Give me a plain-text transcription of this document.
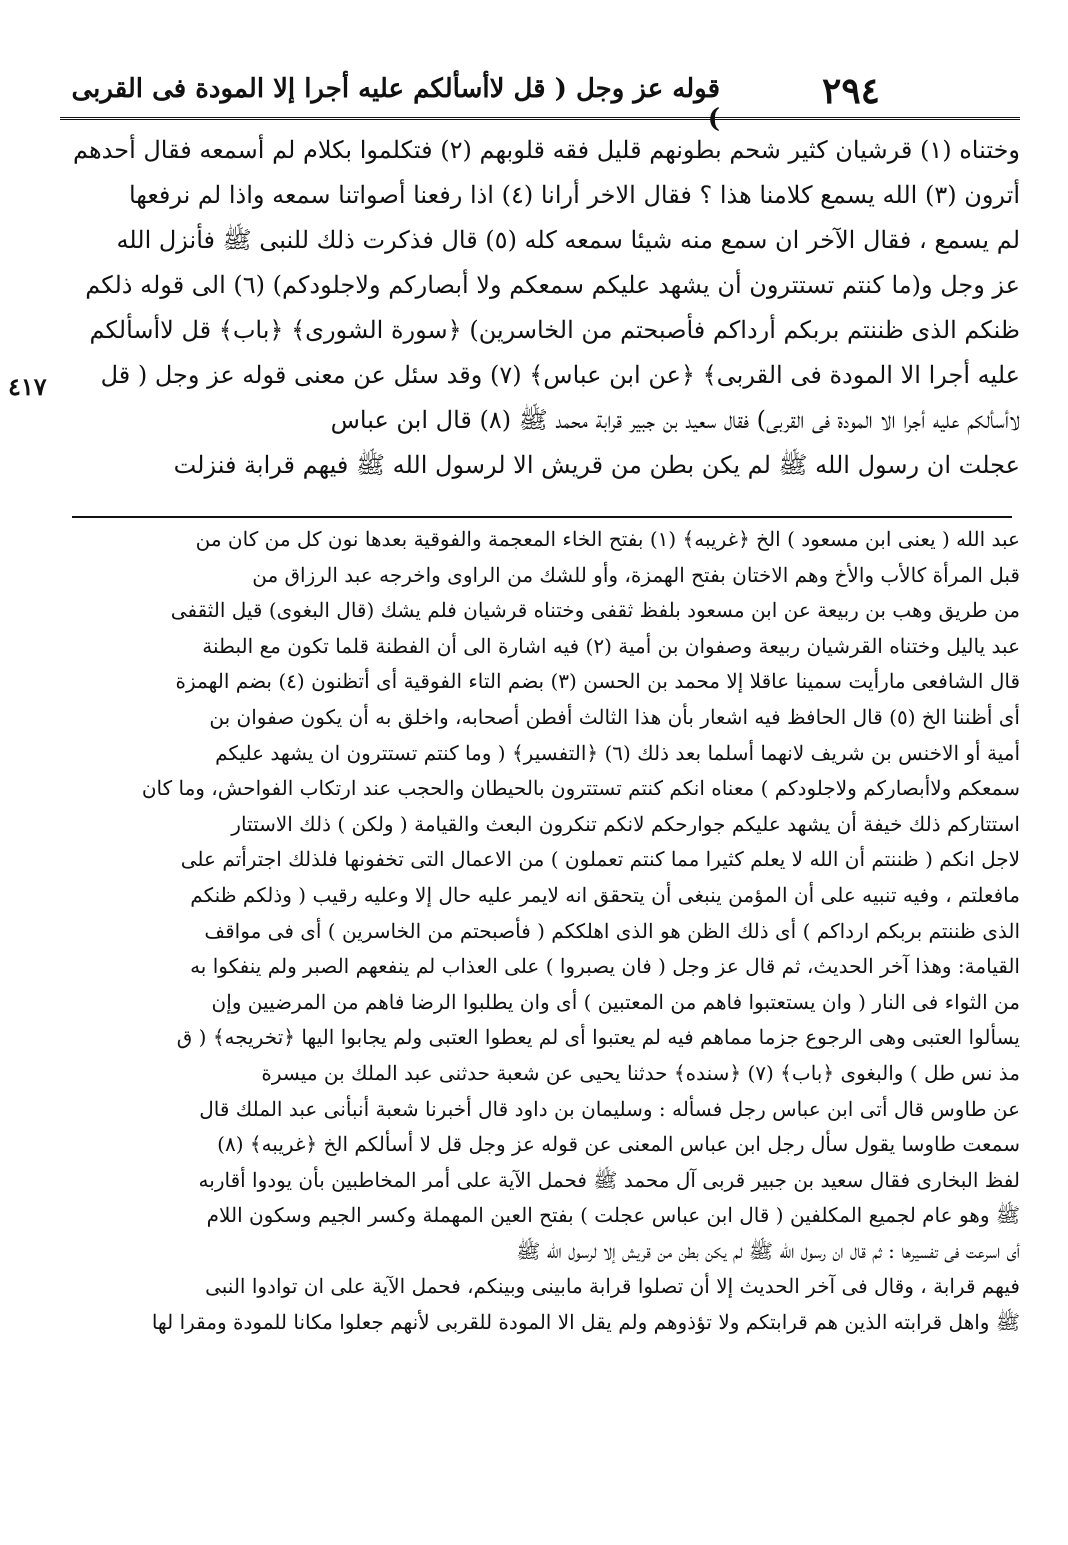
٢٩٤
قوله عز وجل ( قل لاأسألكم عليه أجرا إلا المودة فى القربى )
٤١٧

وختناه (١) قرشيان كثير شحم بطونهم قليل فقه قلوبهم (٢) فتكلموا بكلام لم أسمعه فقال أحدهم

أترون (٣) الله يسمع كلامنا هذا ؟ فقال الاخر أرانا (٤) اذا رفعنا أصواتنا سمعه واذا لم نرفعها

لم يسمع ، فقال الآخر ان سمع منه شيئا سمعه كله (٥) قال فذكرت ذلك للنبى ﷺ فأنزل الله

عز وجل و(ما كنتم تستترون أن يشهد عليكم سمعكم ولا أبصاركم ولاجلودكم) (٦) الى قوله ذلكم

ظنكم الذى ظننتم بربكم أرداكم فأصبحتم من الخاسرين) ﴿سورة الشورى﴾ ﴿باب﴾ قل لاأسألكم

عليه أجرا الا المودة فى القربى﴾ ﴿عن ابن عباس﴾ (٧) وقد سئل عن معنى قوله عز وجل ( قل

لاأسألكم عليه أجرا الا المودة فى القربى) فقال سعيد بن جبير قرابة محمد ﷺ (٨) قال ابن عباس

عجلت ان رسول الله ﷺ لم يكن بطن من قريش الا لرسول الله ﷺ فيهم قرابة فنزلت

عبد الله ( يعنى ابن مسعود ) الخ ﴿غريبه﴾ (١) بفتح الخاء المعجمة والفوقية بعدها نون كل من كان من

قبل المرأة كالأب والأخ وهم الاختان بفتح الهمزة، وأو للشك من الراوى واخرجه عبد الرزاق من

من طريق وهب بن ربيعة عن ابن مسعود بلفظ ثقفى وختناه قرشيان فلم يشك (قال البغوى) قيل الثقفى

عبد ياليل وختناه القرشيان ربيعة وصفوان بن أمية (٢) فيه اشارة الى أن الفطنة قلما تكون مع البطنة

قال الشافعى مارأيت سمينا عاقلا إلا محمد بن الحسن (٣) بضم التاء الفوقية أى أتظنون (٤) بضم الهمزة

أى أظننا الخ (٥) قال الحافظ فيه اشعار بأن هذا الثالث أفطن أصحابه، واخلق به أن يكون صفوان بن

أمية أو الاخنس بن شريف لانهما أسلما بعد ذلك (٦) ﴿التفسير﴾ ( وما كنتم تستترون ان يشهد عليكم

سمعكم ولاأبصاركم ولاجلودكم ) معناه انكم كنتم تستترون بالحيطان والحجب عند ارتكاب الفواحش، وما كان

استتاركم ذلك خيفة أن يشهد عليكم جوارحكم لانكم تنكرون البعث والقيامة ( ولكن ) ذلك الاستتار

لاجل انكم ( ظننتم أن الله لا يعلم كثيرا مما كنتم تعملون ) من الاعمال التى تخفونها فلذلك اجترأتم على

مافعلتم ، وفيه تنبيه على أن المؤمن ينبغى أن يتحقق انه لايمر عليه حال إلا وعليه رقيب ( وذلكم ظنكم

الذى ظننتم بربكم ارداكم ) أى ذلك الظن هو الذى اهلككم ( فأصبحتم من الخاسرين ) أى فى مواقف

القيامة: وهذا آخر الحديث، ثم قال عز وجل ( فان يصبروا ) على العذاب لم ينفعهم الصبر ولم ينفكوا به

من الثواء فى النار ( وان يستعتبوا فاهم من المعتبين ) أى وان يطلبوا الرضا فاهم من المرضيين وإن

يسألوا العتبى وهى الرجوع جزما مماهم فيه لم يعتبوا أى لم يعطوا العتبى ولم يجابوا اليها ﴿تخريجه﴾ ( ق

مذ نس طل ) والبغوى ﴿باب﴾ (٧) ﴿سنده﴾ حدثنا يحيى عن شعبة حدثنى عبد الملك بن ميسرة

عن طاوس قال أتى ابن عباس رجل فسأله : وسليمان بن داود قال أخبرنا شعبة أنبأنى عبد الملك قال

سمعت طاوسا يقول سأل رجل ابن عباس المعنى عن قوله عز وجل قل لا أسألكم الخ ﴿غريبه﴾ (٨)

لفظ البخارى فقال سعيد بن جبير قربى آل محمد ﷺ فحمل الآية على أمر المخاطبين بأن يودوا أقاربه

ﷺ وهو عام لجميع المكلفين ( قال ابن عباس عجلت ) بفتح العين المهملة وكسر الجيم وسكون اللام

أى اسرعت فى تفسيرها : ثم قال ان رسول الله ﷺ لم يكن بطن من قريش إلا لرسول الله ﷺ

فيهم قرابة ، وقال فى آخر الحديث إلا أن تصلوا قرابة مابينى وبينكم، فحمل الآية على ان توادوا النبى

ﷺ واهل قرابته الذين هم قرابتكم ولا تؤذوهم ولم يقل الا المودة للقربى لأنهم جعلوا مكانا للمودة ومقرا لها
